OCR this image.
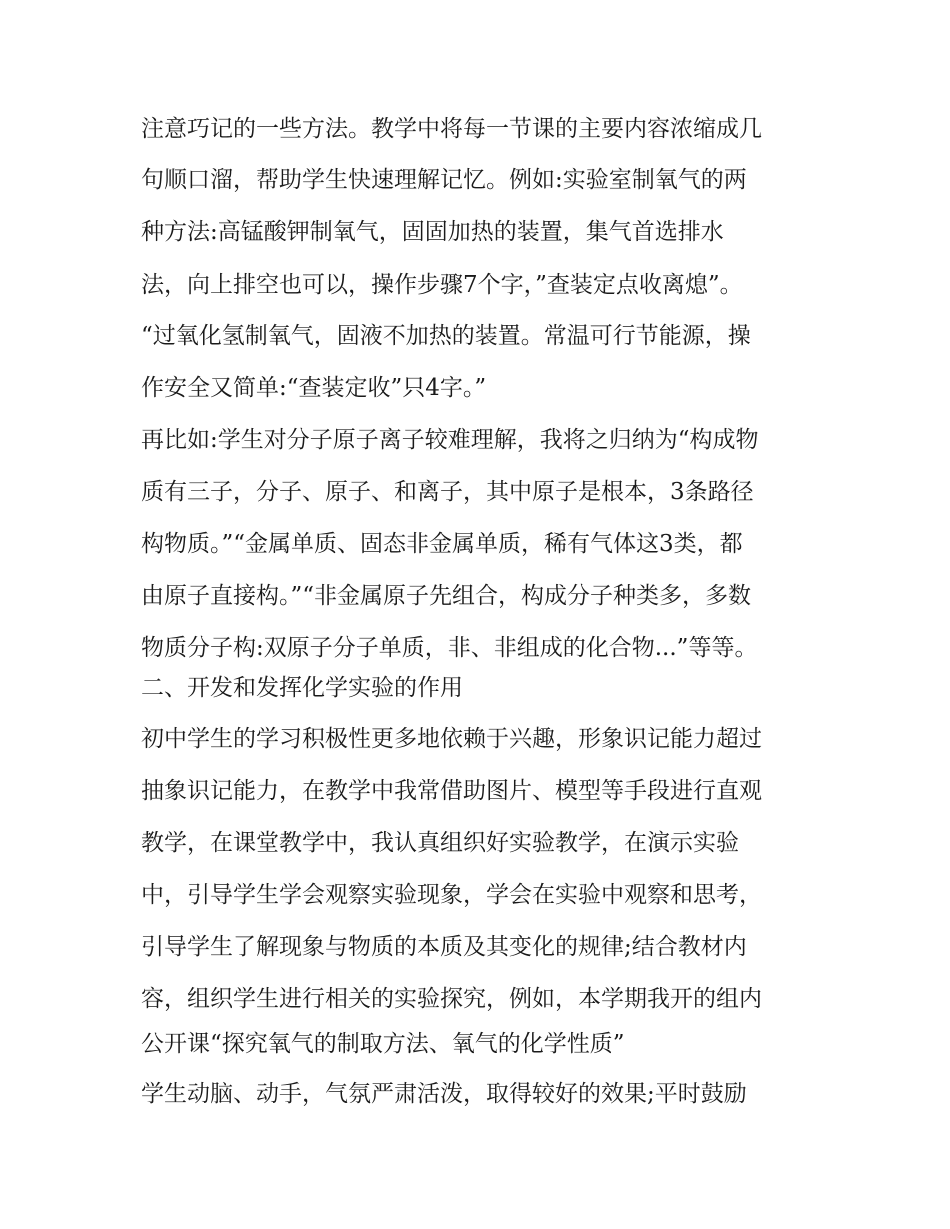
注意巧记的一些方法。教学中将每一节课的主要内容浓缩成几
句顺口溜，帮助学生快速理解记忆。例如:实验室制氧气的两
种方法:高锰酸钾制氧气，固固加热的装置，集气首选排水
法，向上排空也可以，操作步骤7个字，”查装定点收离熄”。
“过氧化氢制氧气，固液不加热的装置。常温可行节能源，操
作安全又简单:“查装定收”只4字。”
再比如:学生对分子原子离子较难理解，我将之归纳为“构成物
质有三子，分子、原子、和离子，其中原子是根本，3条路径
构物质。”“金属单质、固态非金属单质，稀有气体这3类，都
由原子直接构。”“非金属原子先组合，构成分子种类多，多数
物质分子构:双原子分子单质，非、非组成的化合物...”等等。
二、开发和发挥化学实验的作用
初中学生的学习积极性更多地依赖于兴趣，形象识记能力超过
抽象识记能力，在教学中我常借助图片、模型等手段进行直观
教学，在课堂教学中，我认真组织好实验教学，在演示实验
中，引导学生学会观察实验现象，学会在实验中观察和思考，
引导学生了解现象与物质的本质及其变化的规律;结合教材内
容，组织学生进行相关的实验探究，例如，本学期我开的组内
公开课“探究氧气的制取方法、氧气的化学性质”
学生动脑、动手，气氛严肃活泼，取得较好的效果;平时鼓励
